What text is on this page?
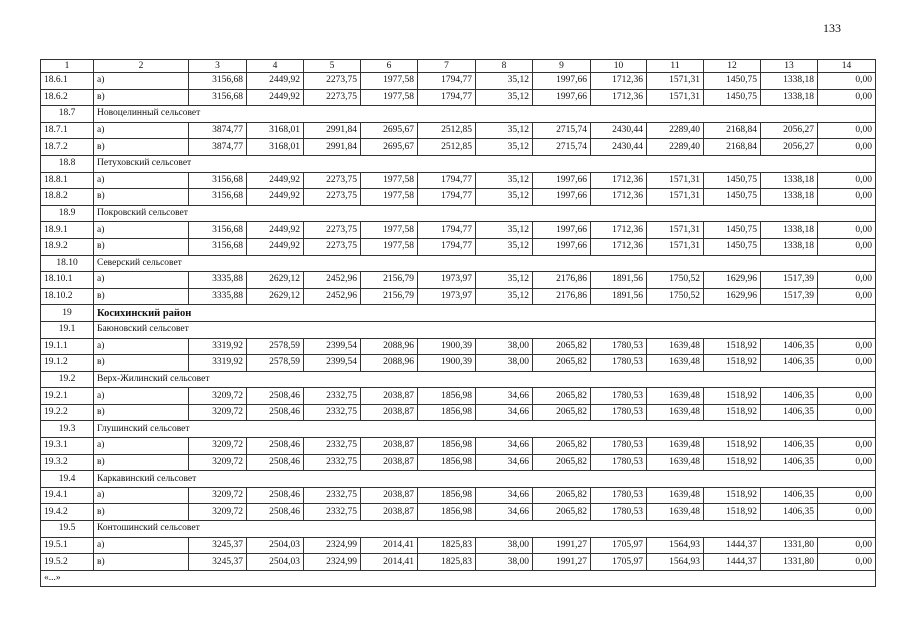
133
1	2	3	4	5	6	7	8	9	10	11	12	13	14
18.6.1	а)	3156,68	2449,92	2273,75	1977,58	1794,77	35,12	1997,66	1712,36	1571,31	1450,75	1338,18	0,00
18.6.2	в)	3156,68	2449,92	2273,75	1977,58	1794,77	35,12	1997,66	1712,36	1571,31	1450,75	1338,18	0,00
18.7	Новоцелинный сельсовет												
18.7.1	а)	3874,77	3168,01	2991,84	2695,67	2512,85	35,12	2715,74	2430,44	2289,40	2168,84	2056,27	0,00
18.7.2	в)	3874,77	3168,01	2991,84	2695,67	2512,85	35,12	2715,74	2430,44	2289,40	2168,84	2056,27	0,00
18.8	Петуховский сельсовет												
18.8.1	а)	3156,68	2449,92	2273,75	1977,58	1794,77	35,12	1997,66	1712,36	1571,31	1450,75	1338,18	0,00
18.8.2	в)	3156,68	2449,92	2273,75	1977,58	1794,77	35,12	1997,66	1712,36	1571,31	1450,75	1338,18	0,00
18.9	Покровский сельсовет												
18.9.1	а)	3156,68	2449,92	2273,75	1977,58	1794,77	35,12	1997,66	1712,36	1571,31	1450,75	1338,18	0,00
18.9.2	в)	3156,68	2449,92	2273,75	1977,58	1794,77	35,12	1997,66	1712,36	1571,31	1450,75	1338,18	0,00
18.10	Северский сельсовет												
18.10.1	а)	3335,88	2629,12	2452,96	2156,79	1973,97	35,12	2176,86	1891,56	1750,52	1629,96	1517,39	0,00
18.10.2	в)	3335,88	2629,12	2452,96	2156,79	1973,97	35,12	2176,86	1891,56	1750,52	1629,96	1517,39	0,00
19	Косихинский район												
19.1	Баюновский сельсовет												
19.1.1	а)	3319,92	2578,59	2399,54	2088,96	1900,39	38,00	2065,82	1780,53	1639,48	1518,92	1406,35	0,00
19.1.2	в)	3319,92	2578,59	2399,54	2088,96	1900,39	38,00	2065,82	1780,53	1639,48	1518,92	1406,35	0,00
19.2	Верх-Жилинский сельсовет												
19.2.1	а)	3209,72	2508,46	2332,75	2038,87	1856,98	34,66	2065,82	1780,53	1639,48	1518,92	1406,35	0,00
19.2.2	в)	3209,72	2508,46	2332,75	2038,87	1856,98	34,66	2065,82	1780,53	1639,48	1518,92	1406,35	0,00
19.3	Глушинский сельсовет												
19.3.1	а)	3209,72	2508,46	2332,75	2038,87	1856,98	34,66	2065,82	1780,53	1639,48	1518,92	1406,35	0,00
19.3.2	в)	3209,72	2508,46	2332,75	2038,87	1856,98	34,66	2065,82	1780,53	1639,48	1518,92	1406,35	0,00
19.4	Каркавинский сельсовет												
19.4.1	а)	3209,72	2508,46	2332,75	2038,87	1856,98	34,66	2065,82	1780,53	1639,48	1518,92	1406,35	0,00
19.4.2	в)	3209,72	2508,46	2332,75	2038,87	1856,98	34,66	2065,82	1780,53	1639,48	1518,92	1406,35	0,00
19.5	Контошинский сельсовет												
19.5.1	а)	3245,37	2504,03	2324,99	2014,41	1825,83	38,00	1991,27	1705,97	1564,93	1444,37	1331,80	0,00
19.5.2	в)	3245,37	2504,03	2324,99	2014,41	1825,83	38,00	1991,27	1705,97	1564,93	1444,37	1331,80	0,00
«...»													
